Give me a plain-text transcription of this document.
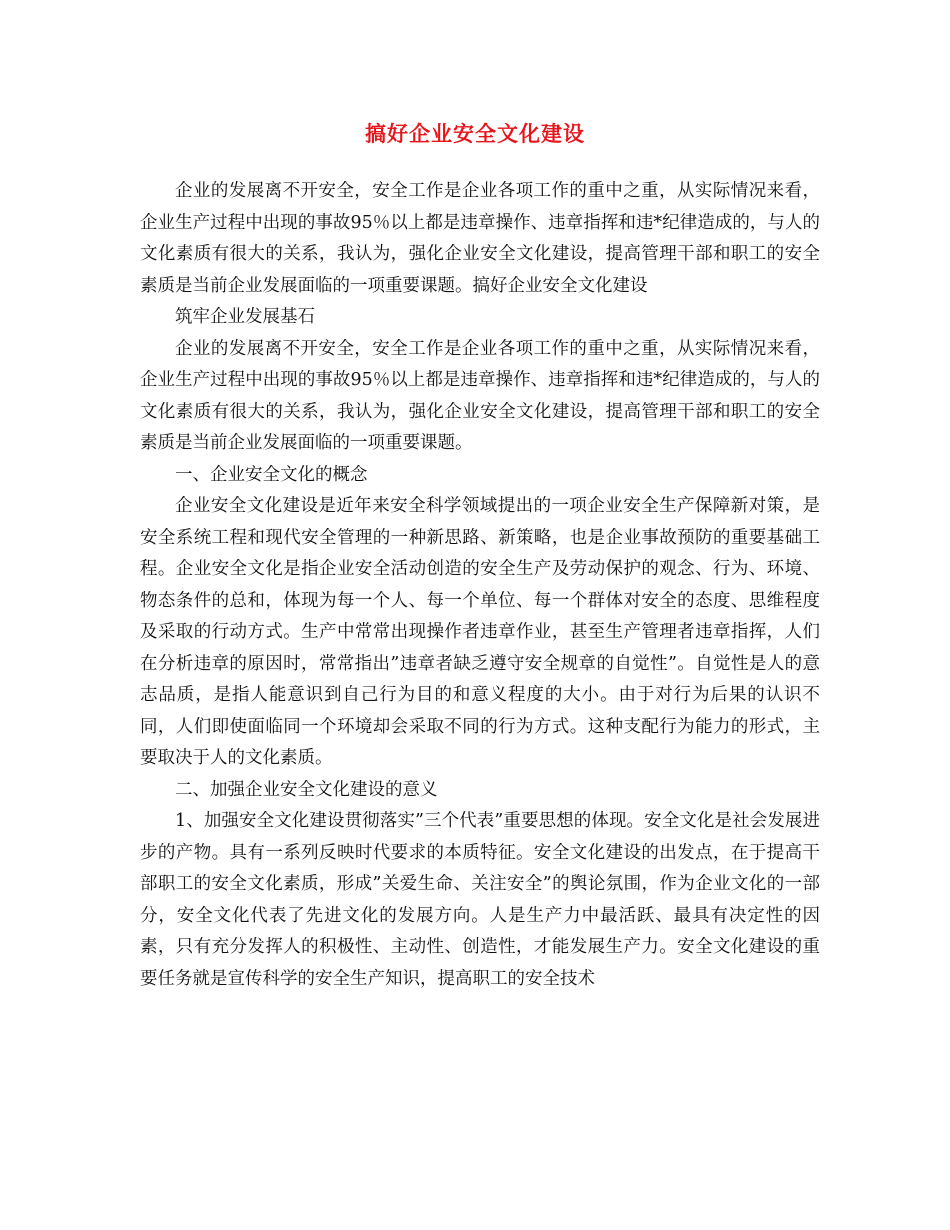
搞好企业安全文化建设

企业的发展离不开安全，安全工作是企业各项工作的重中之重，从实际情况来看，企业生产过程中出现的事故95％以上都是违章操作、违章指挥和违*纪律造成的，与人的文化素质有很大的关系，我认为，强化企业安全文化建设，提高管理干部和职工的安全素质是当前企业发展面临的一项重要课题。搞好企业安全文化建设

筑牢企业发展基石

企业的发展离不开安全，安全工作是企业各项工作的重中之重，从实际情况来看，企业生产过程中出现的事故95％以上都是违章操作、违章指挥和违*纪律造成的，与人的文化素质有很大的关系，我认为，强化企业安全文化建设，提高管理干部和职工的安全素质是当前企业发展面临的一项重要课题。

一、企业安全文化的概念

企业安全文化建设是近年来安全科学领域提出的一项企业安全生产保障新对策，是安全系统工程和现代安全管理的一种新思路、新策略，也是企业事故预防的重要基础工程。企业安全文化是指企业安全活动创造的安全生产及劳动保护的观念、行为、环境、物态条件的总和，体现为每一个人、每一个单位、每一个群体对安全的态度、思维程度及采取的行动方式。生产中常常出现操作者违章作业，甚至生产管理者违章指挥，人们在分析违章的原因时，常常指出”违章者缺乏遵守安全规章的自觉性”。自觉性是人的意志品质，是指人能意识到自己行为目的和意义程度的大小。由于对行为后果的认识不同，人们即使面临同一个环境却会采取不同的行为方式。这种支配行为能力的形式，主要取决于人的文化素质。

二、加强企业安全文化建设的意义

1、加强安全文化建设贯彻落实”三个代表”重要思想的体现。安全文化是社会发展进步的产物。具有一系列反映时代要求的本质特征。安全文化建设的出发点，在于提高干部职工的安全文化素质，形成”关爱生命、关注安全”的舆论氛围，作为企业文化的一部分，安全文化代表了先进文化的发展方向。人是生产力中最活跃、最具有决定性的因素，只有充分发挥人的积极性、主动性、创造性，才能发展生产力。安全文化建设的重要任务就是宣传科学的安全生产知识，提高职工的安全技术
